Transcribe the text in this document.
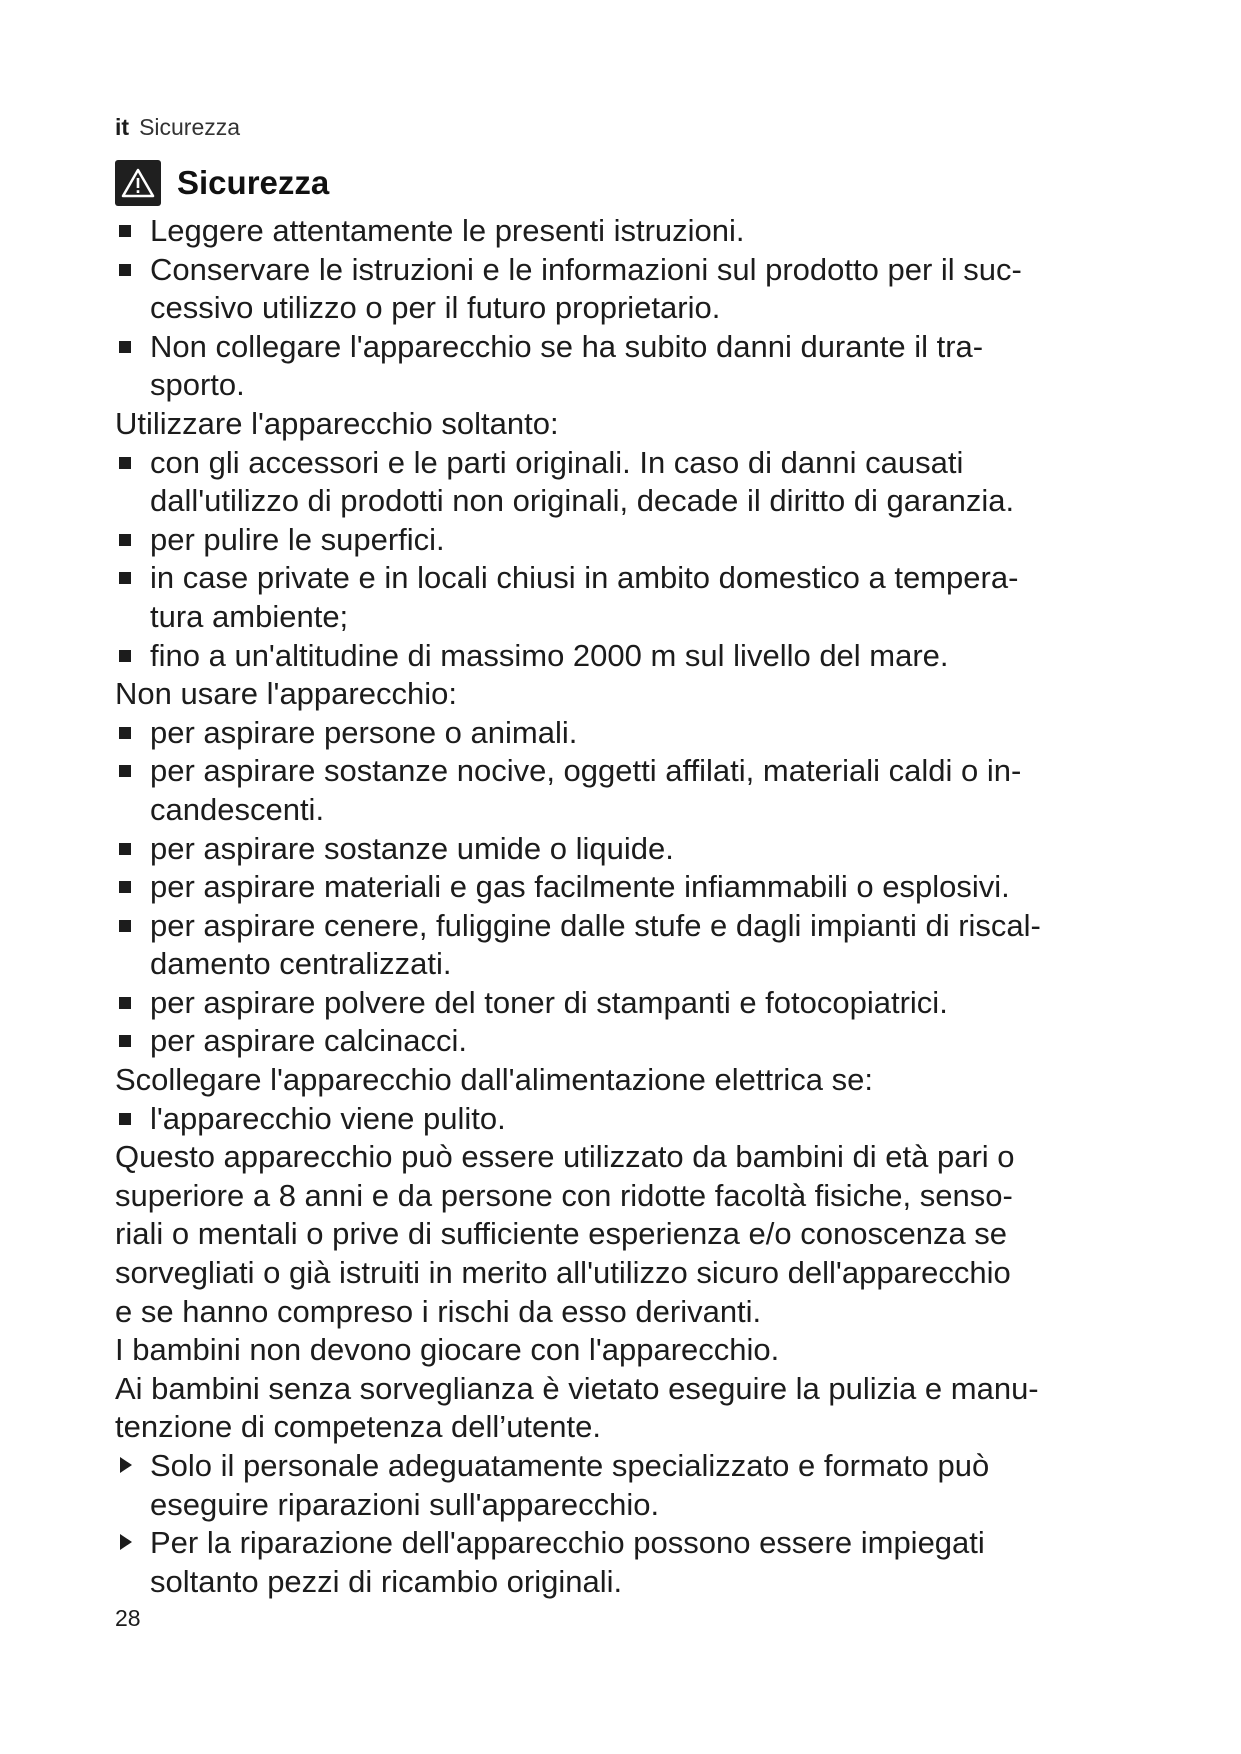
it Sicurezza
Sicurezza
Leggere attentamente le presenti istruzioni.
Conservare le istruzioni e le informazioni sul prodotto per il suc-
cessivo utilizzo o per il futuro proprietario.
Non collegare l'apparecchio se ha subito danni durante il tra-
sporto.

Utilizzare l'apparecchio soltanto:

con gli accessori e le parti originali. In caso di danni causati
dall'utilizzo di prodotti non originali, decade il diritto di garanzia.
per pulire le superfici.
in case private e in locali chiusi in ambito domestico a tempera-
tura ambiente;
fino a un'altitudine di massimo 2000 m sul livello del mare.

Non usare l'apparecchio:

per aspirare persone o animali.
per aspirare sostanze nocive, oggetti affilati, materiali caldi o in-
candescenti.
per aspirare sostanze umide o liquide.
per aspirare materiali e gas facilmente infiammabili o esplosivi.
per aspirare cenere, fuliggine dalle stufe e dagli impianti di riscal-
damento centralizzati.
per aspirare polvere del toner di stampanti e fotocopiatrici.
per aspirare calcinacci.

Scollegare l'apparecchio dall'alimentazione elettrica se:

l'apparecchio viene pulito.

Questo apparecchio può essere utilizzato da bambini di età pari o
superiore a 8 anni e da persone con ridotte facoltà fisiche, senso-
riali o mentali o prive di sufficiente esperienza e/o conoscenza se
sorvegliati o già istruiti in merito all'utilizzo sicuro dell'apparecchio
e se hanno compreso i rischi da esso derivanti.

I bambini non devono giocare con l'apparecchio.

Ai bambini senza sorveglianza è vietato eseguire la pulizia e manu-
tenzione di competenza dell’utente.

Solo il personale adeguatamente specializzato e formato può
eseguire riparazioni sull'apparecchio.
Per la riparazione dell'apparecchio possono essere impiegati
soltanto pezzi di ricambio originali.
28
